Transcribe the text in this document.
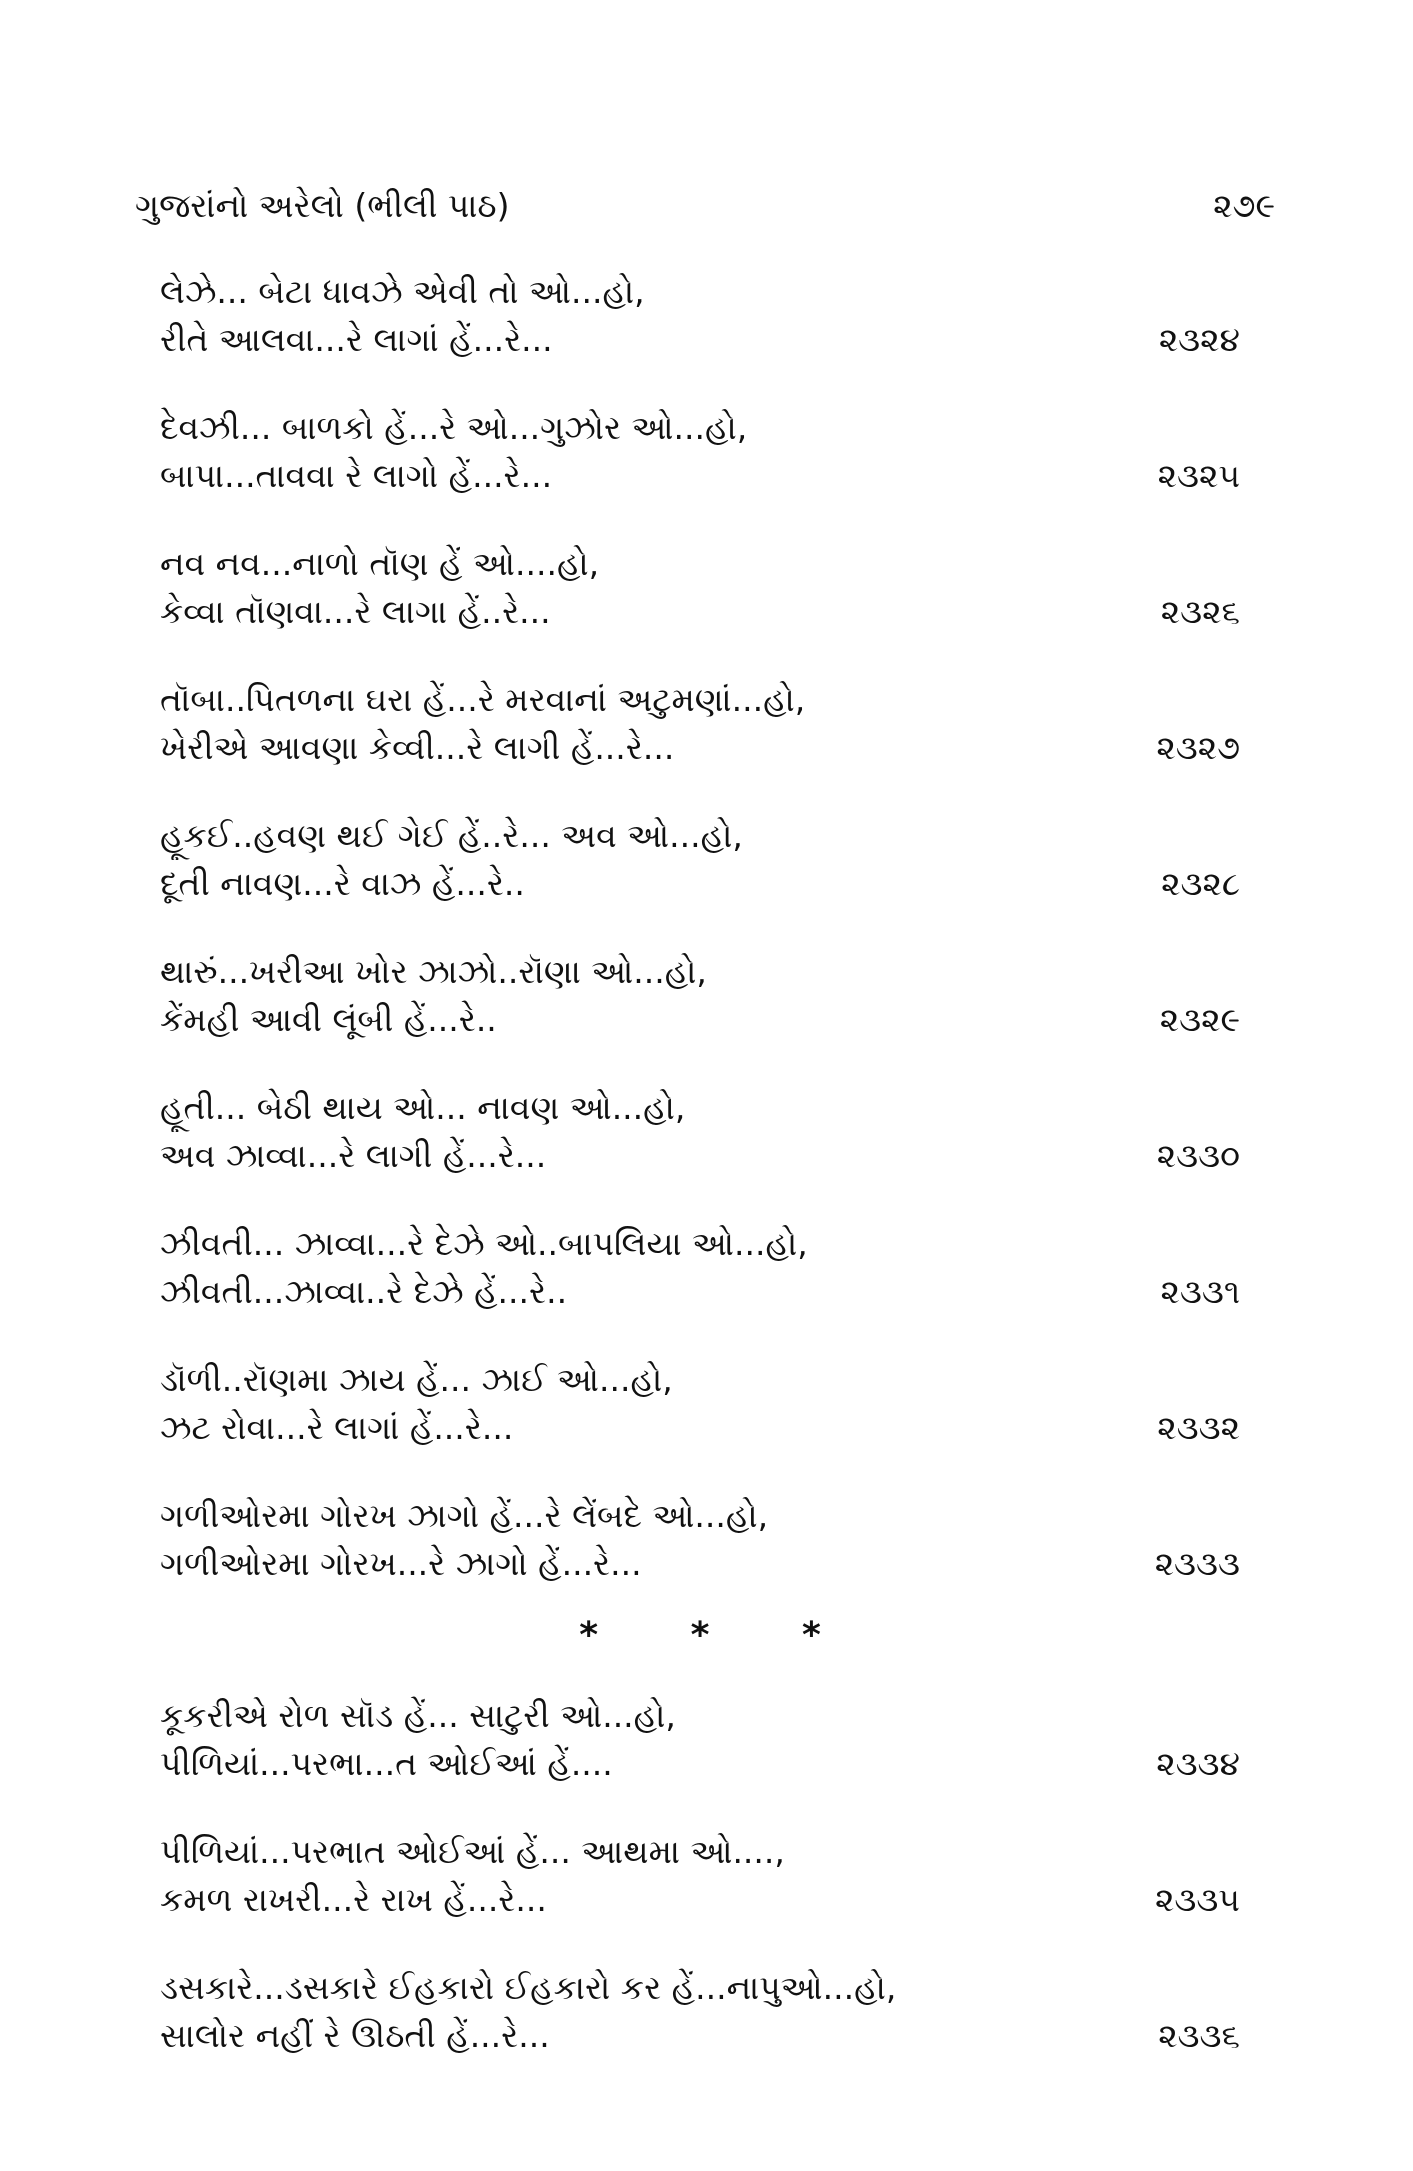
ગુજરાંનો અરેલો (ભીલી પાઠ)	૨૭૯
લેઝે... બેટા ધાવઝે એવી તો ઓ...હો,
રીતે આલવા...રે લાગાં હેં...રે...	૨૩૨૪
દેવઝી... બાળકો હેં...રે ઓ...ગુઝોર ઓ...હો,
બાપા...તાવવા રે લાગો હેં...રે...	૨૩૨૫
નવ નવ...નાળો તૉણ હેં ઓ....હો,
કેવ્વા તૉણવા...રે લાગા હેં..રે...	૨૩૨૬
તૉબા..પિતળના ઘરા હેં...રે મરવાનાં અટુમણાં...હો,
ખેરીએ આવણા કેવ્વી...રે લાગી હેં...રે...	૨૩૨૭
હૂકઈ..હવણ થઈ ગેઈ હેં..રે... અવ ઓ...હો,
દૂતી નાવણ...રે વાઝ હેં...રે..	૨૩૨૮
થારું...ખરીઆ ખોર ઝાઝો..રૉણા ઓ...હો,
કેંમહી આવી લૂંબી હેં...રે..	૨૩૨૯
હૂતી... બેઠી થાય ઓ... નાવણ ઓ...હો,
અવ ઝાવ્વા...રે લાગી હેં...રે...	૨૩૩૦
ઝીવતી... ઝાવ્વા...રે દેઝે ઓ..બાપલિયા ઓ...હો,
ઝીવતી...ઝાવ્વા..રે દેઝે હેં...રે..	૨૩૩૧
ડૉળી..રૉણમા ઝાય હેં... ઝાઈ ઓ...હો,
ઝટ રોવા...રે લાગાં હેં...રે...	૨૩૩૨
ગળીઓરમા ગોરખ ઝાગો હેં...રે લેંબદે ઓ...હો,
ગળીઓરમા ગોરખ...રે ઝાગો હેં...રે...	૨૩૩૩
* * *
કૂકરીએ રોળ સૉડ હેં... સાટુરી ઓ...હો,
પીળિયાં...પરભા...ત ઓઈઆં હેં....	૨૩૩૪
પીળિયાં...પરભાત ઓઈઆં હેં... આથમા ઓ....,
કમળ રાખરી...રે રાખ હેં...રે...	૨૩૩૫
ડસકારે...ડસકારે ઈહકારો ઈહકારો કર હેં...નાપુઓ...હો,
સાલોર નહીં રે ઊઠતી હેં...રે...	૨૩૩૬
